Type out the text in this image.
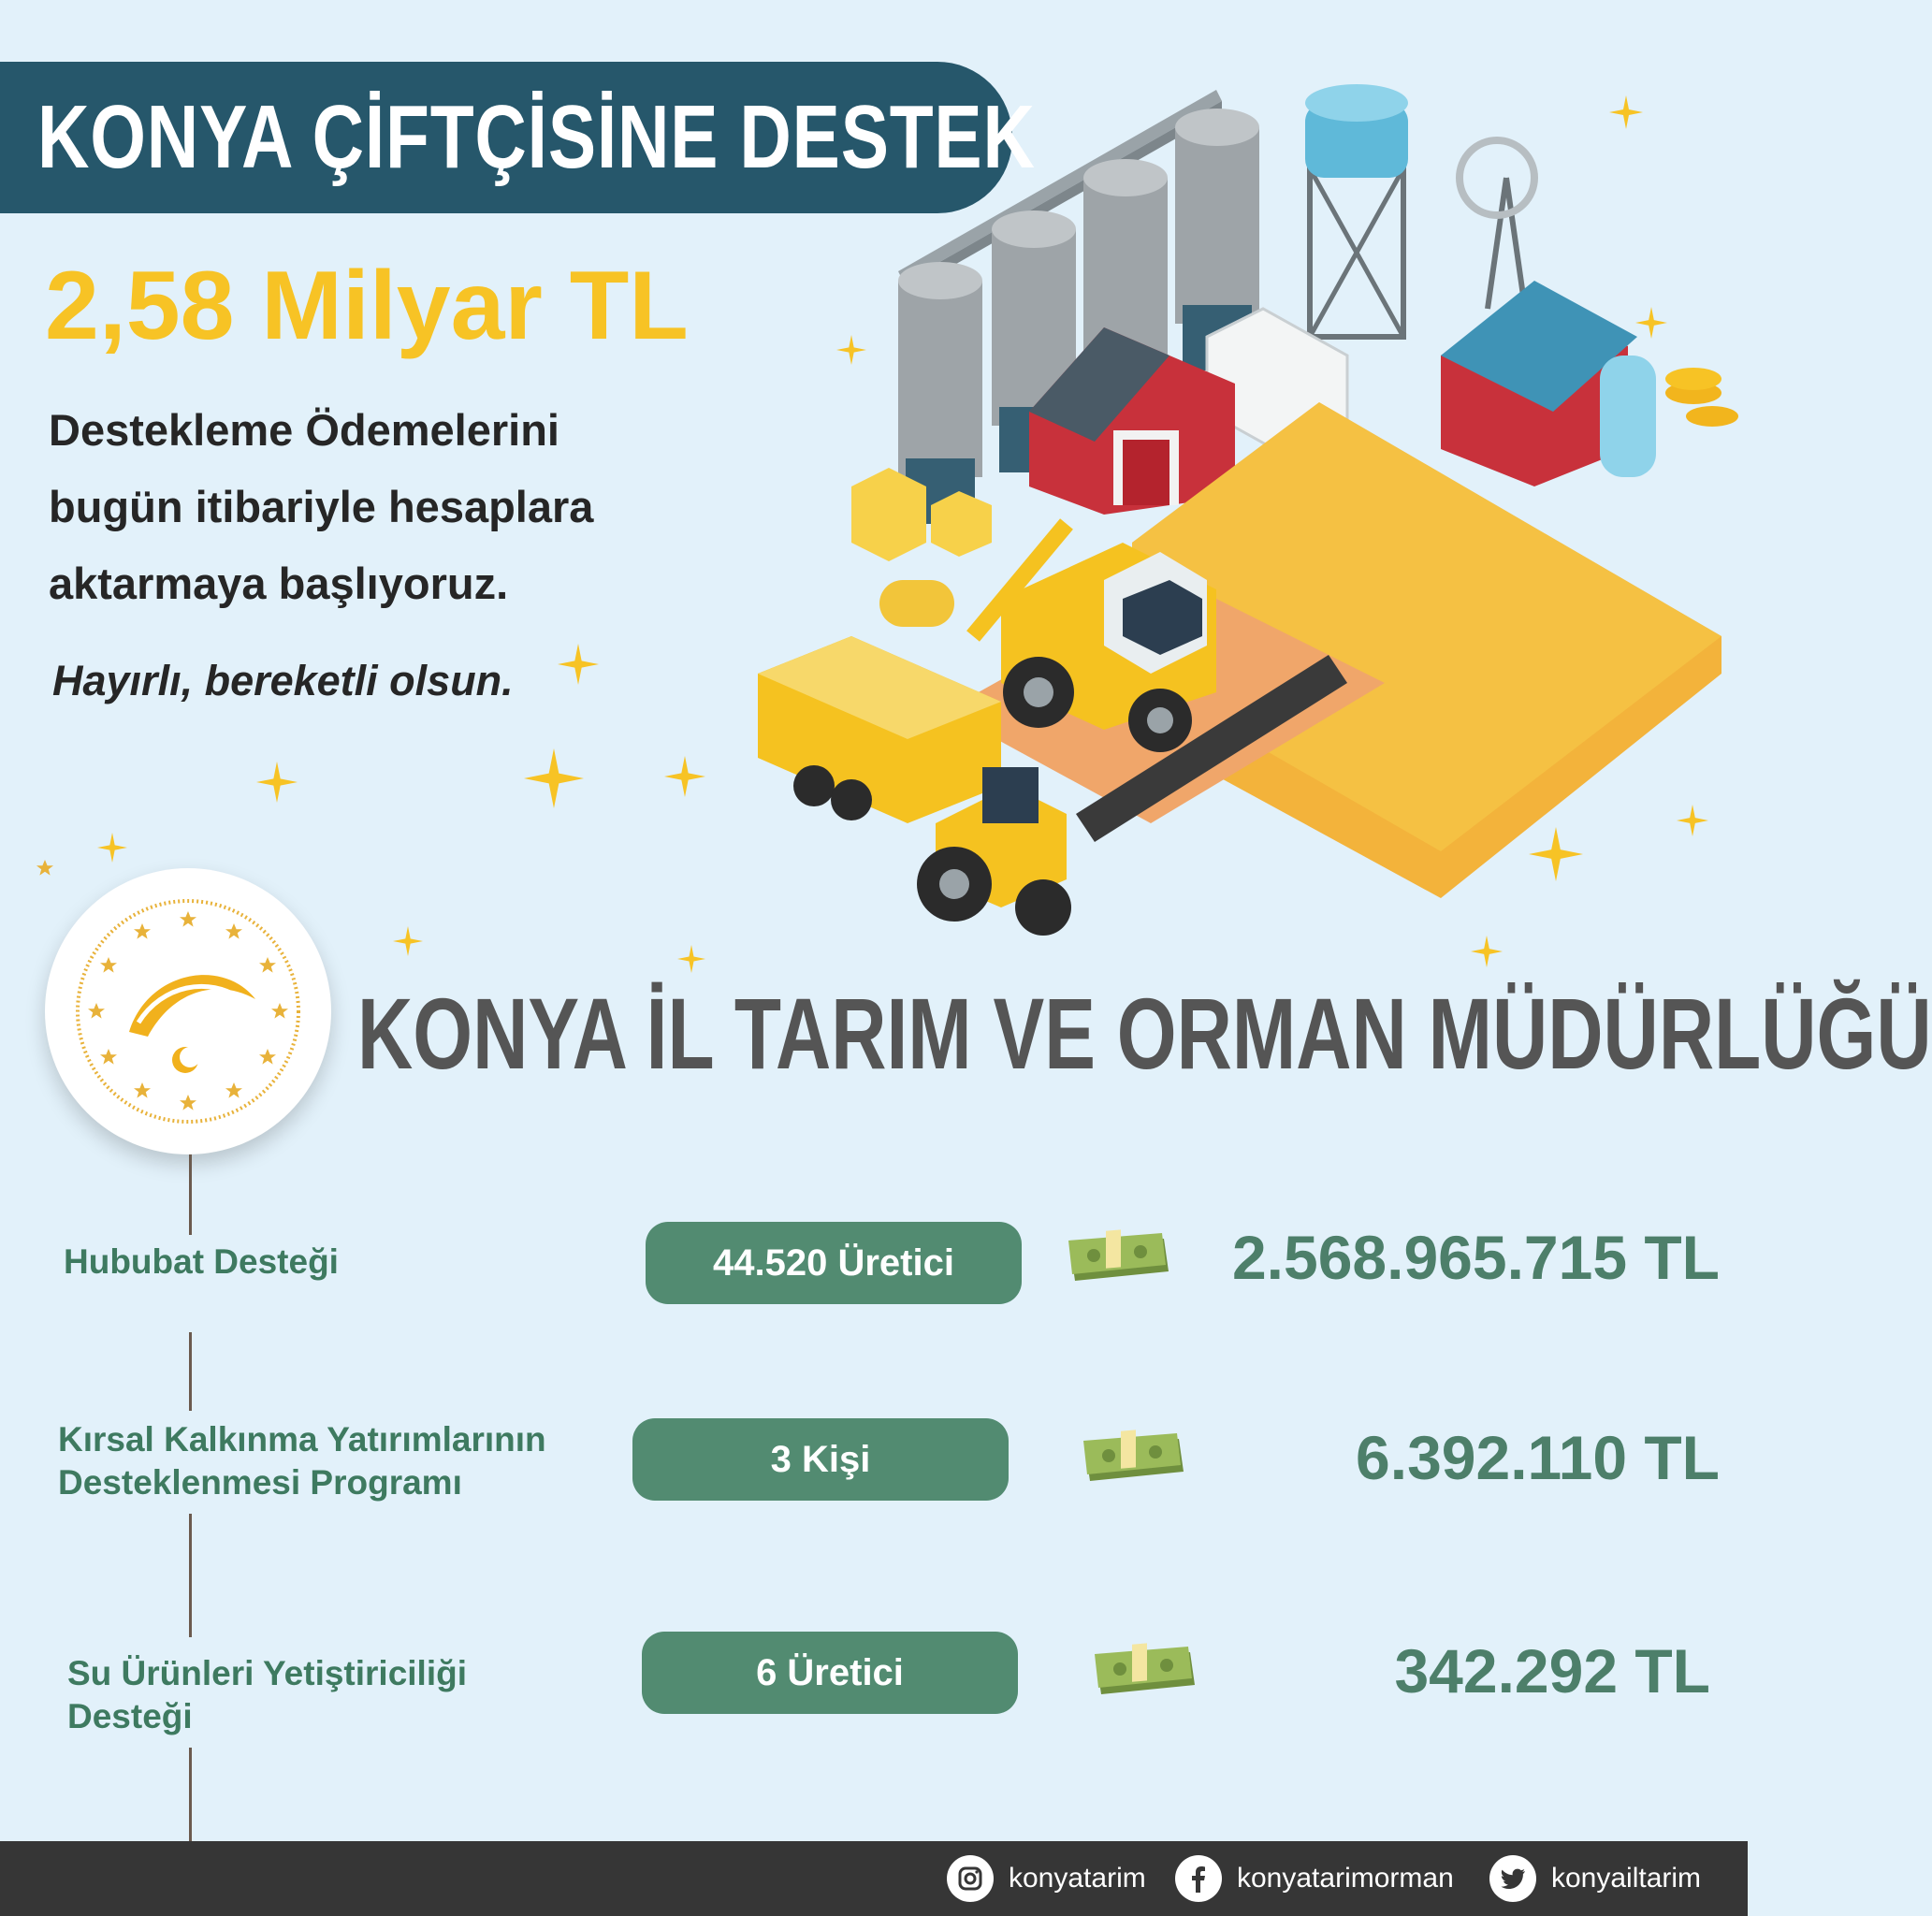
KONYA ÇİFTÇİSİNE DESTEK
2,58 Milyar TL
Destekleme Ödemelerini
bugün itibariyle hesaplara
aktarmaya başlıyoruz.
Hayırlı, bereketli olsun.
KONYA İL TARIM VE ORMAN MÜDÜRLÜĞÜ
Hububat Desteği	44.520 Üretici	2.568.965.715 TL
Kırsal Kalkınma Yatırımlarının
Desteklenmesi Programı
3 Kişi	6.392.110 TL
Su Ürünleri Yetiştiriciliği
Desteği
6 Üretici	342.292 TL
konyatarim	konyatarimorman	konyailtarim
